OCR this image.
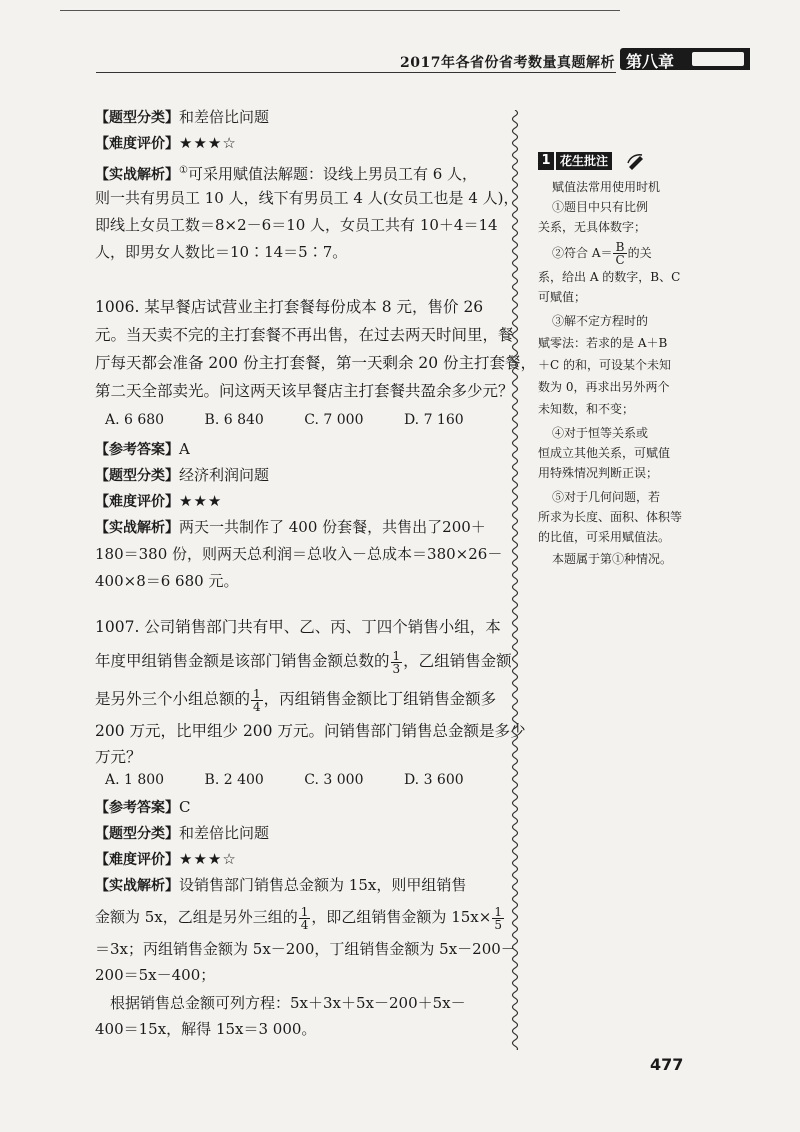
2017年各省份省考数量真题解析 第八章
【题型分类】和差倍比问题
【难度评价】★★★☆
【实战解析】①可采用赋值法解题：设线上男员工有 6 人，
则一共有男员工 10 人，线下有男员工 4 人(女员工也是 4 人)，
即线上女员工数＝8×2－6＝10 人，女员工共有 10＋4＝14
人，即男女人数比＝10∶14＝5∶7。
1006. 某早餐店试营业主打套餐每份成本 8 元，售价 26
元。当天卖不完的主打套餐不再出售，在过去两天时间里，餐
厅每天都会准备 200 份主打套餐，第一天剩余 20 份主打套餐，
第二天全部卖光。问这两天该早餐店主打套餐共盈余多少元？
A. 6 680	B. 6 840	C. 7 000	D. 7 160
【参考答案】A
【题型分类】经济利润问题
【难度评价】★★★
【实战解析】两天一共制作了 400 份套餐，共售出了200＋
180＝380 份，则两天总利润＝总收入－总成本＝380×26－
400×8＝6 680 元。
1007. 公司销售部门共有甲、乙、丙、丁四个销售小组，本
年度甲组销售金额是该部门销售金额总数的 $\frac{1}{3}$ ，乙组销售金额
是另外三个小组总额的 $\frac{1}{4}$ ，丙组销售金额比丁组销售金额多
200 万元，比甲组少 200 万元。问销售部门销售总金额是多少
万元？
A. 1 800	B. 2 400	C. 3 000	D. 3 600
【参考答案】C
【题型分类】和差倍比问题
【难度评价】★★★☆
【实战解析】设销售部门销售总金额为 15x，则甲组销售
金额为 5x，乙组是另外三组的 $\frac{1}{4}$ ，即乙组销售金额为 $15x\times \frac{1}{5}$
＝3x；丙组销售金额为 5x－200，丁组销售金额为 5x－200－
200＝5x－400；
根据销售总金额可列方程：5x＋3x＋5x－200＋5x－
400＝15x，解得 15x＝3 000。
1 花生批注
赋值法常用使用时机
①题目中只有比例
关系，无具体数字；
②符合 $A= \frac{B}{C}$ 的关
系，给出 A 的数字，B、C
可赋值；
③解不定方程时的
赋零法：若求的是 A＋B
＋C 的和，可设某个未知
数为 0，再求出另外两个
未知数，和不变；
④对于恒等关系或
恒成立其他关系，可赋值
用特殊情况判断正误；
⑤对于几何问题，若
所求为长度、面积、体积等
的比值，可采用赋值法。
本题属于第①种情况。
477
